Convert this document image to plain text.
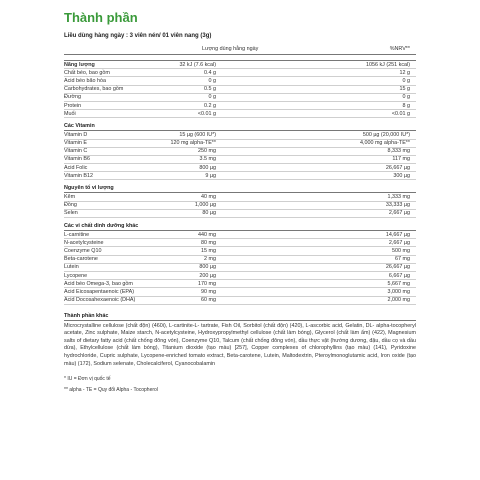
Thành phần
Liều dùng hàng ngày : 3 viên nén/ 01 viên nang (3g)
Lượng dùng hằng ngày	%NRV**
Năng lượng	32 kJ (7.6 kcal)	1056 kJ (251 kcal)
Chất béo, bao gồm	0.4 g	12 g
Acid béo bão hòa	0 g	0 g
Carbohydrates, bao gồm	0.5 g	15 g
Đường	0 g	0 g
Protein	0.2 g	8 g
Muối	<0.01 g	<0.01 g
Các Vitamin
Vitamin D	15 µg (600 IU*)	500 µg (20,000 IU*)
Vitamin E	120 mg alpha-TE**	4,000 mg alpha-TE**
Vitamin C	250 mg	8,333 mg
Vitamin B6	3.5 mg	117 mg
Acid Folic	800 µg	26,667 µg
Vitamin B12	9 µg	300 µg
Nguyên tố vi lượng
Kẽm	40 mg	1,333 mg
Đồng	1,000 µg	33,333 µg
Selen	80 µg	2,667 µg
Các vi chất dinh dưỡng khác
L-carnitine	440 mg	14,667 µg
N-acetylcysteine	80 mg	2,667 µg
Coenzyme Q10	15 mg	500 mg
Beta-carotene	2 mg	67 mg
Lutein	800 µg	26,667 µg
Lycopene	200 µg	6,667 µg
Acid béo Omega-3, bao gồm	170 mg	5,667 mg
Acid Eicosapentaenoic (EPA)	90 mg	3,000 mg
Acid Docosahexaenoic (DHA)	60 mg	2,000 mg
Thành phần khác
Microcrystalline cellulose (chất độn) (460i), L-cartinite-L- tartrate, Fish Oil, Sorbitol (chất độn) (420), L-ascorbic acid, Gelatin, DL- alpha-tocopheryl acetate, Zinc sulphate, Maize starch, N-acetylcysteine, Hydroxypropylmethyl cellulose (chất làm bóng), Glycerol (chất làm ẩm) (422), Magnesium salts of dietary fatty acid (chất chống đông vón), Coenzyme Q10, Talcum (chất chống đông vón), dầu thực vật (hướng dương, đậu, dầu cọ và dầu dừa), Ethylcellulose (chất làm bóng), Titanium dioxide (tạo màu) [257], Copper complexes of chlorophyllins (tạo màu) (141), Pyridoxine hydrochloride, Cupric sulphate, Lycopene-enriched tomato extract, Beta-carotene, Lutein, Maltodextrin, Pteroylmonoglutamic acid, Iron oxide (tạo màu) (172), Sodium selenate, Cholecalciferol, Cyanocobalamin
* IU = Đơn vị quốc tế
** alpha - TE = Quy đổi Alpha - Tocopherol
